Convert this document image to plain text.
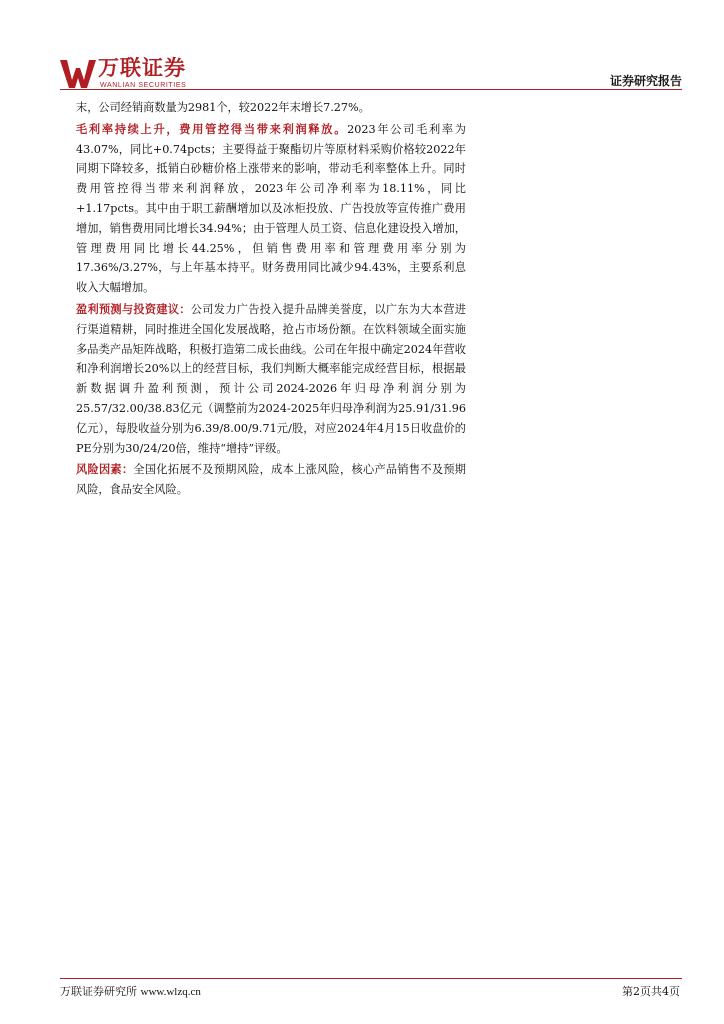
万联证券
WANLIAN SECURITIES	证券研究报告

末，公司经销商数量为2981个，较2022年末增长7.27%。

毛利率持续上升，费用管控得当带来利润释放。2023年公司毛利率为43.07%，同比+0.74pcts；主要得益于聚酯切片等原材料采购价格较2022年同期下降较多，抵销白砂糖价格上涨带来的影响，带动毛利率整体上升。同时费用管控得当带来利润释放，2023年公司净利率为18.11%，同比+1.17pcts。其中由于职工薪酬增加以及冰柜投放、广告投放等宣传推广费用增加，销售费用同比增长34.94%；由于管理人员工资、信息化建设投入增加，管理费用同比增长44.25%，但销售费用率和管理费用率分别为17.36%/3.27%，与上年基本持平。财务费用同比减少94.43%，主要系利息收入大幅增加。

盈利预测与投资建议：公司发力广告投入提升品牌美誉度，以广东为大本营进行渠道精耕，同时推进全国化发展战略，抢占市场份额。在饮料领域全面实施多品类产品矩阵战略，积极打造第二成长曲线。公司在年报中确定2024年营收和净利润增长20%以上的经营目标，我们判断大概率能完成经营目标，根据最新数据调升盈利预测，预计公司2024-2026年归母净利润分别为25.57/32.00/38.83亿元（调整前为2024-2025年归母净利润为25.91/31.96亿元），每股收益分别为6.39/8.00/9.71元/股，对应2024年4月15日收盘价的PE分别为30/24/20倍，维持“增持”评级。

风险因素：全国化拓展不及预期风险，成本上涨风险，核心产品销售不及预期风险，食品安全风险。

万联证券研究所 www.wlzq.cn	第2页共4页
